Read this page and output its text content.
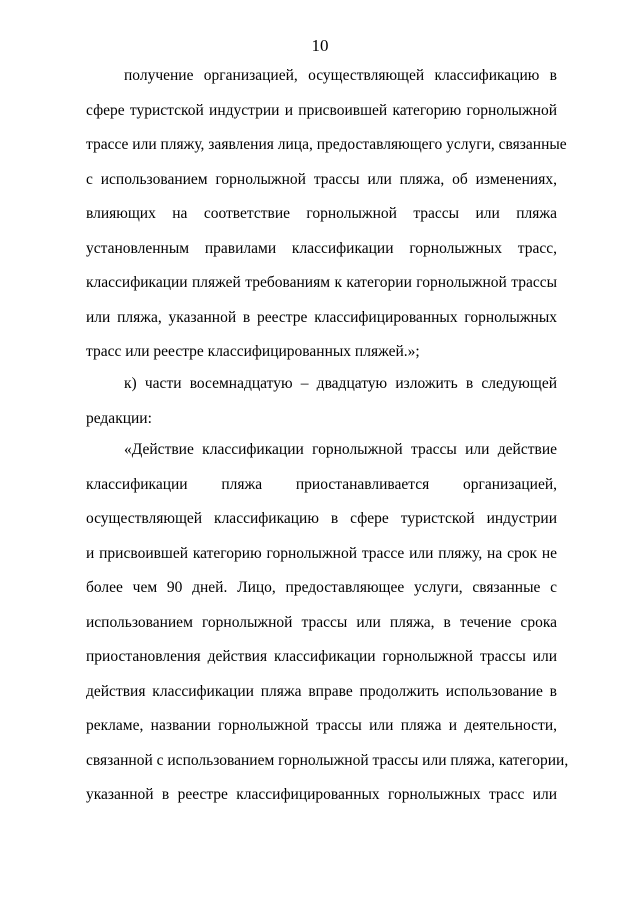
10
получение организацией, осуществляющей классификацию в
сфере туристской индустрии и присвоившей категорию горнолыжной
трассе или пляжу, заявления лица, предоставляющего услуги, связанные
с использованием горнолыжной трассы или пляжа, об изменениях,
влияющих на соответствие горнолыжной трассы или пляжа
установленным правилами классификации горнолыжных трасс,
классификации пляжей требованиям к категории горнолыжной трассы
или пляжа, указанной в реестре классифицированных горнолыжных
трасс или реестре классифицированных пляжей.»;
к) части восемнадцатую – двадцатую изложить в следующей
редакции:
«Действие классификации горнолыжной трассы или действие
классификации пляжа приостанавливается организацией,
осуществляющей классификацию в сфере туристской индустрии
и присвоившей категорию горнолыжной трассе или пляжу, на срок не
более чем 90 дней. Лицо, предоставляющее услуги, связанные с
использованием горнолыжной трассы или пляжа, в течение срока
приостановления действия классификации горнолыжной трассы или
действия классификации пляжа вправе продолжить использование в
рекламе, названии горнолыжной трассы или пляжа и деятельности,
связанной с использованием горнолыжной трассы или пляжа, категории,
указанной в реестре классифицированных горнолыжных трасс или
